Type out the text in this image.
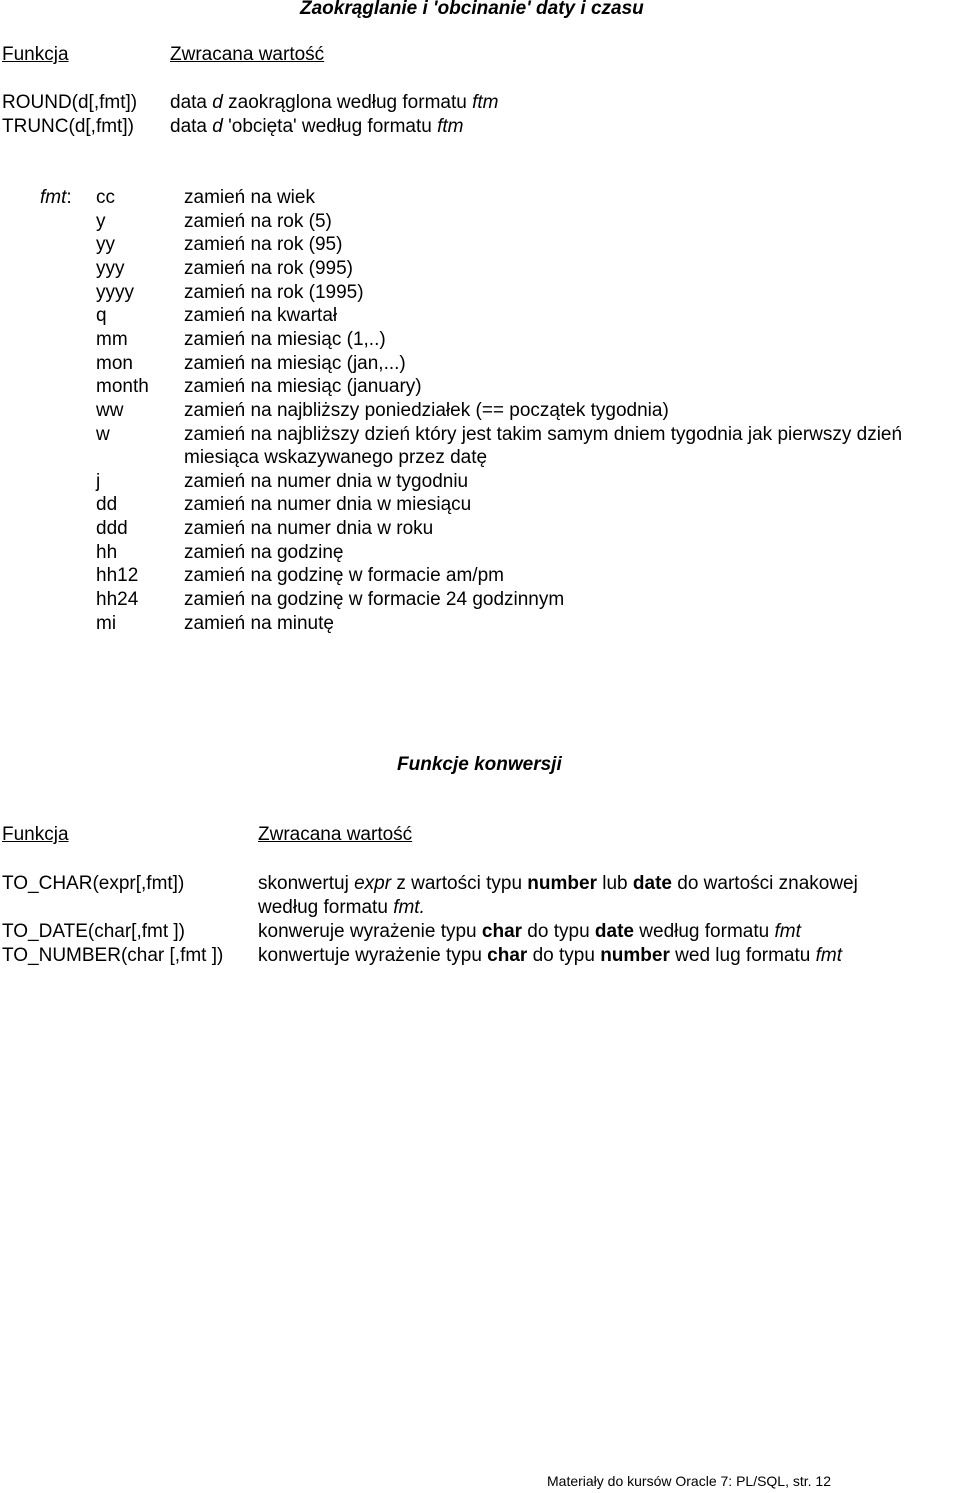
Zaokrąglanie i 'obcinanie' daty i czasu
Funkcja	Zwracana wartość
ROUND(d[,fmt]) data d zaokrąglona według formatu ftm
TRUNC(d[,fmt]) data d 'obcięta' według formatu ftm
fmt: cc	zamień na wiek
y	zamień na rok (5)
yy	zamień na rok (95)
yyy	zamień na rok (995)
yyyy	zamień na rok (1995)
q	zamień na kwartał
mm	zamień na miesiąc (1,..)
mon	zamień na miesiąc (jan,...)
month zamień na miesiąc (january)
ww	zamień na najbliższy poniedziałek (== początek tygodnia)
w	zamień na najbliższy dzień który jest takim samym dniem tygodnia jak pierwszy dzień
miesiąca wskazywanego przez datę
j	zamień na numer dnia w tygodniu
dd	zamień na numer dnia w miesiącu
ddd	zamień na numer dnia w roku
hh	zamień na godzinę
hh12 zamień na godzinę w formacie am/pm
hh24 zamień na godzinę w formacie 24 godzinnym
mi	zamień na minutę
Funkcje konwersji
Funkcja	Zwracana wartość
TO_CHAR(expr[,fmt])	skonwertuj expr z wartości typu number lub date do wartości znakowej
według formatu fmt.
TO_DATE(char[,fmt ])	konweruje wyrażenie typu char do typu date według formatu fmt
TO_NUMBER(char [,fmt ]) konwertuje wyrażenie typu char do typu number wed lug formatu fmt
Materiały do kursów Oracle 7: PL/SQL, str. 12
